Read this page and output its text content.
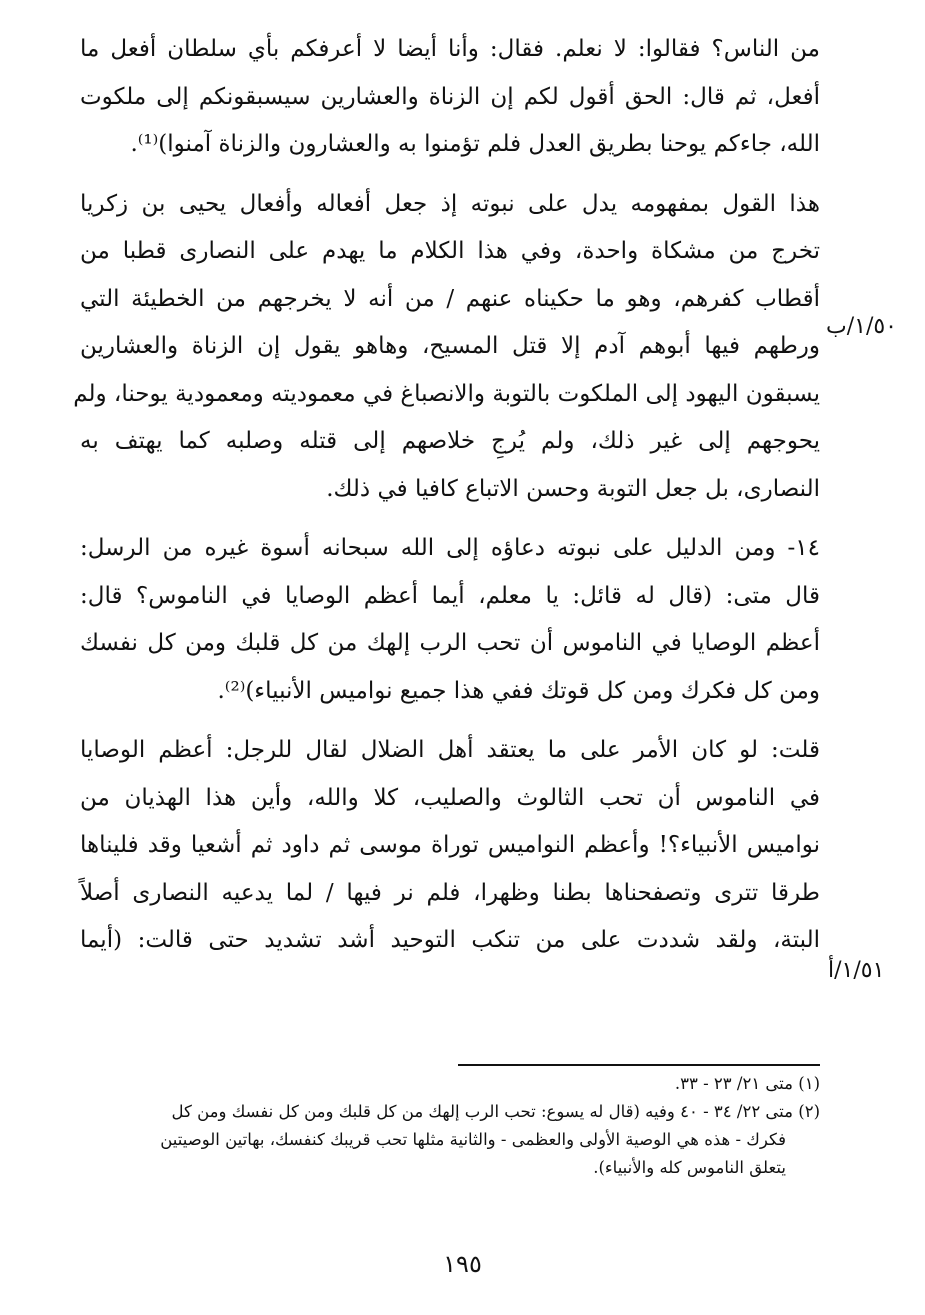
من الناس؟ فقالوا: لا نعلم. فقال: وأنا أيضا لا أعرفكم بأي سلطان أفعل ما
أفعل، ثم قال: الحق أقول لكم إن الزناة والعشارين سيسبقونكم إلى ملكوت
الله، جاءكم يوحنا بطريق العدل فلم تؤمنوا به والعشارون والزناة آمنوا)⁽¹⁾.

هذا القول بمفهومه يدل على نبوته إذ جعل أفعاله وأفعال يحيى بن زكريا
تخرج من مشكاة واحدة، وفي هذا الكلام ما يهدم على النصارى قطبا من
أقطاب كفرهم، وهو ما حكيناه عنهم / من أنه لا يخرجهم من الخطيئة التي
ورطهم فيها أبوهم آدم إلا قتل المسيح، وهاهو يقول إن الزناة والعشارين
يسبقون اليهود إلى الملكوت بالتوبة والانصباغ في معموديته ومعمودية يوحنا، ولم
يحوجهم إلى غير ذلك، ولم يُرجِ خلاصهم إلى قتله وصلبه كما يهتف به
النصارى، بل جعل التوبة وحسن الاتباع كافيا في ذلك.

١٤- ومن الدليل على نبوته دعاؤه إلى الله سبحانه أسوة غيره من الرسل:
قال متى: (قال له قائل: يا معلم، أيما أعظم الوصايا في الناموس؟ قال:
أعظم الوصايا في الناموس أن تحب الرب إلهك من كل قلبك ومن كل نفسك
ومن كل فكرك ومن كل قوتك ففي هذا جميع نواميس الأنبياء)⁽²⁾.

قلت: لو كان الأمر على ما يعتقد أهل الضلال لقال للرجل: أعظم الوصايا
في الناموس أن تحب الثالوث والصليب، كلا والله، وأين هذا الهذيان من
نواميس الأنبياء؟! وأعظم النواميس توراة موسى ثم داود ثم أشعيا وقد فليناها
طرقا تترى وتصفحناها بطنا وظهرا، فلم نر فيها / لما يدعيه النصارى أصلاً
البتة، ولقد شددت على من تنكب التوحيد أشد تشديد حتى قالت: (أيما

١/٥٠/ب
١/٥١/أ

(١) متى ٢١/ ٢٣ - ٣٣.

(٢) متى ٢٢/ ٣٤ - ٤٠ وفيه (قال له يسوع: تحب الرب إلهك من كل قلبك ومن كل نفسك ومن كل
فكرك - هذه هي الوصية الأولى والعظمى - والثانية مثلها تحب قريبك كنفسك، بهاتين الوصيتين
يتعلق الناموس كله والأنبياء).

١٩٥
